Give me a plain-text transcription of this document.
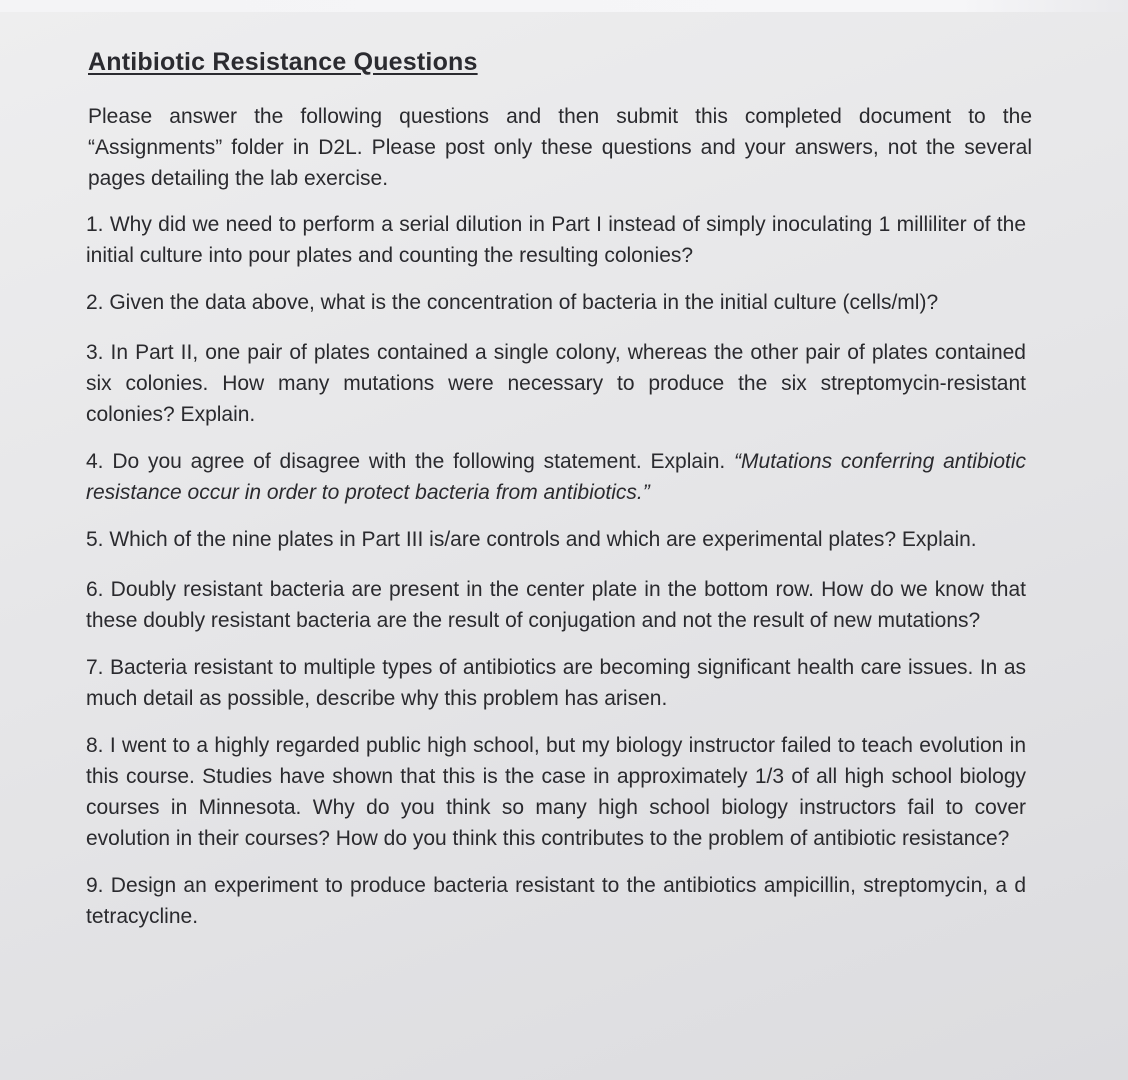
Antibiotic Resistance Questions

Please answer the following questions and then submit this completed document to the “Assignments” folder in D2L. Please post only these questions and your answers, not the several pages detailing the lab exercise.

1. Why did we need to perform a serial dilution in Part I instead of simply inoculating 1 milliliter of the initial culture into pour plates and counting the resulting colonies?

2. Given the data above, what is the concentration of bacteria in the initial culture (cells/ml)?

3. In Part II, one pair of plates contained a single colony, whereas the other pair of plates contained six colonies. How many mutations were necessary to produce the six streptomycin-resistant colonies? Explain.

4. Do you agree of disagree with the following statement. Explain. “Mutations conferring antibiotic resistance occur in order to protect bacteria from antibiotics.”

5. Which of the nine plates in Part III is/are controls and which are experimental plates? Explain.

6. Doubly resistant bacteria are present in the center plate in the bottom row. How do we know that these doubly resistant bacteria are the result of conjugation and not the result of new mutations?

7. Bacteria resistant to multiple types of antibiotics are becoming significant health care issues. In as much detail as possible, describe why this problem has arisen.

8. I went to a highly regarded public high school, but my biology instructor failed to teach evolution in this course. Studies have shown that this is the case in approximately 1/3 of all high school biology courses in Minnesota. Why do you think so many high school biology instructors fail to cover evolution in their courses? How do you think this contributes to the problem of antibiotic resistance?

9. Design an experiment to produce bacteria resistant to the antibiotics ampicillin, streptomycin, a d tetracycline.
